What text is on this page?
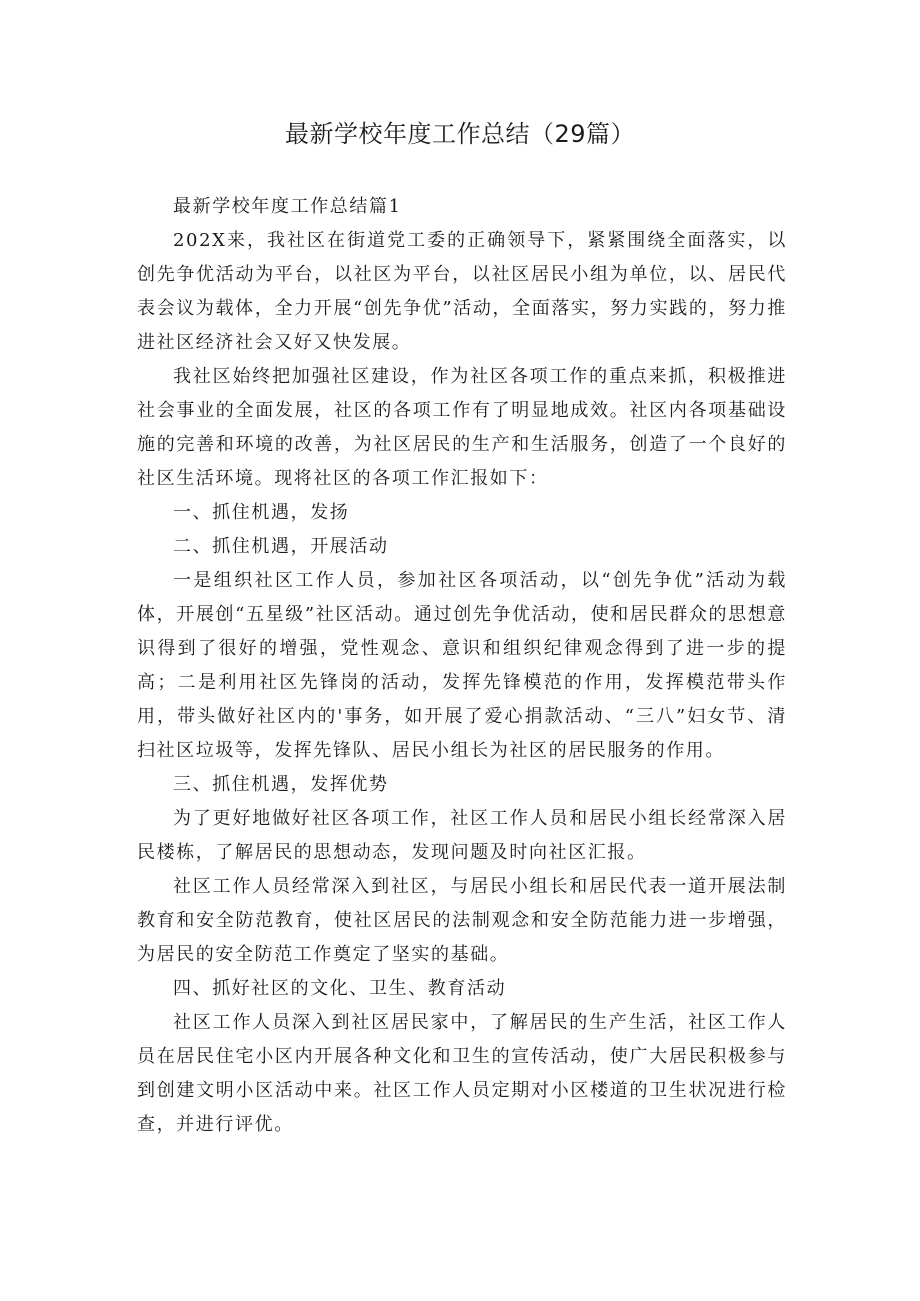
最新学校年度工作总结（29篇）

最新学校年度工作总结篇1

202X来，我社区在街道党工委的正确领导下，紧紧围绕全面落实，以创先争优活动为平台，以社区为平台，以社区居民小组为单位，以、居民代表会议为载体，全力开展“创先争优”活动，全面落实，努力实践的，努力推进社区经济社会又好又快发展。

我社区始终把加强社区建设，作为社区各项工作的重点来抓，积极推进社会事业的全面发展，社区的各项工作有了明显地成效。社区内各项基础设施的完善和环境的改善，为社区居民的生产和生活服务，创造了一个良好的社区生活环境。现将社区的各项工作汇报如下：

一、抓住机遇，发扬

二、抓住机遇，开展活动

一是组织社区工作人员，参加社区各项活动，以“创先争优”活动为载体，开展创“五星级”社区活动。通过创先争优活动，使和居民群众的思想意识得到了很好的增强，党性观念、意识和组织纪律观念得到了进一步的提高；二是利用社区先锋岗的活动，发挥先锋模范的作用，发挥模范带头作用，带头做好社区内的'事务，如开展了爱心捐款活动、“三八”妇女节、清扫社区垃圾等，发挥先锋队、居民小组长为社区的居民服务的作用。

三、抓住机遇，发挥优势

为了更好地做好社区各项工作，社区工作人员和居民小组长经常深入居民楼栋，了解居民的思想动态，发现问题及时向社区汇报。

社区工作人员经常深入到社区，与居民小组长和居民代表一道开展法制教育和安全防范教育，使社区居民的法制观念和安全防范能力进一步增强，为居民的安全防范工作奠定了坚实的基础。

四、抓好社区的文化、卫生、教育活动

社区工作人员深入到社区居民家中，了解居民的生产生活，社区工作人员在居民住宅小区内开展各种文化和卫生的宣传活动，使广大居民积极参与到创建文明小区活动中来。社区工作人员定期对小区楼道的卫生状况进行检查，并进行评优。
